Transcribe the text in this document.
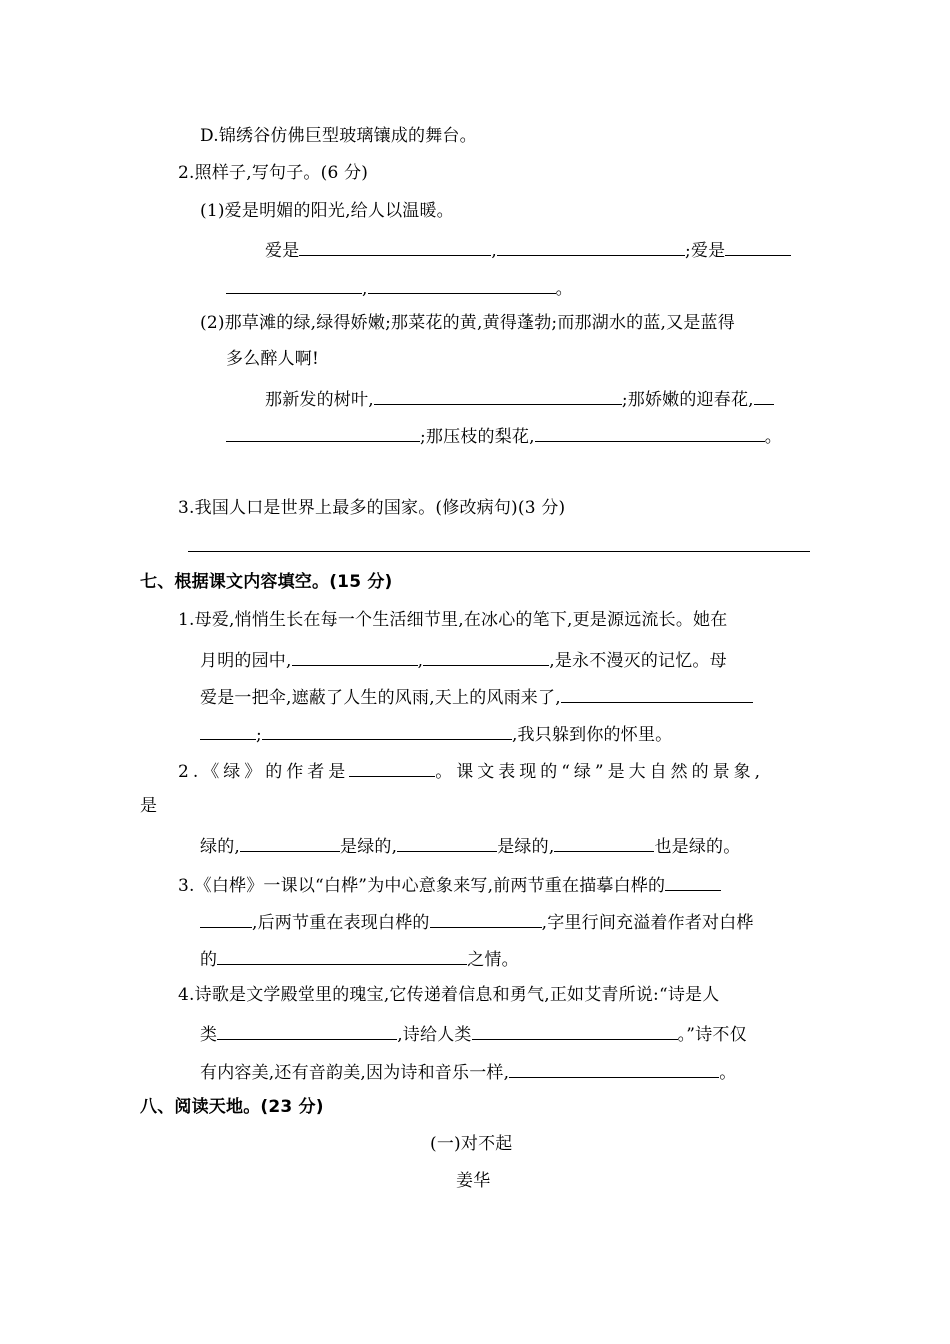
D.锦绣谷仿佛巨型玻璃镶成的舞台。
2.照样子,写句子。(6 分)
(1)爱是明媚的阳光,给人以温暖。
爱是	,	;爱是
,	。
(2)那草滩的绿,绿得娇嫩;那菜花的黄,黄得蓬勃;而那湖水的蓝,又是蓝得
多么醉人啊!
那新发的树叶,	;那娇嫩的迎春花,
;那压枝的梨花,	。
3.我国人口是世界上最多的国家。(修改病句)(3 分)
七、根据课文内容填空。(15 分)
1.母爱,悄悄生长在每一个生活细节里,在冰心的笔下,更是源远流长。她在
月明的园中,	,	,是永不漫灭的记忆。母
爱是一把伞,遮蔽了人生的风雨,天上的风雨来了,
;	,我只躲到你的怀里。
2.《绿》的作者是	。课文表现的“绿”是大自然的景象,
是
绿的,	是绿的,	是绿的,	也是绿的。
3.《白桦》一课以“白桦”为中心意象来写,前两节重在描摹白桦的
,后两节重在表现白桦的	,字里行间充溢着作者对白桦
的	之情。
4.诗歌是文学殿堂里的瑰宝,它传递着信息和勇气,正如艾青所说:“诗是人
类	,诗给人类	。”诗不仅
有内容美,还有音韵美,因为诗和音乐一样,	。
八、阅读天地。(23 分)
(一)对不起
姜华
